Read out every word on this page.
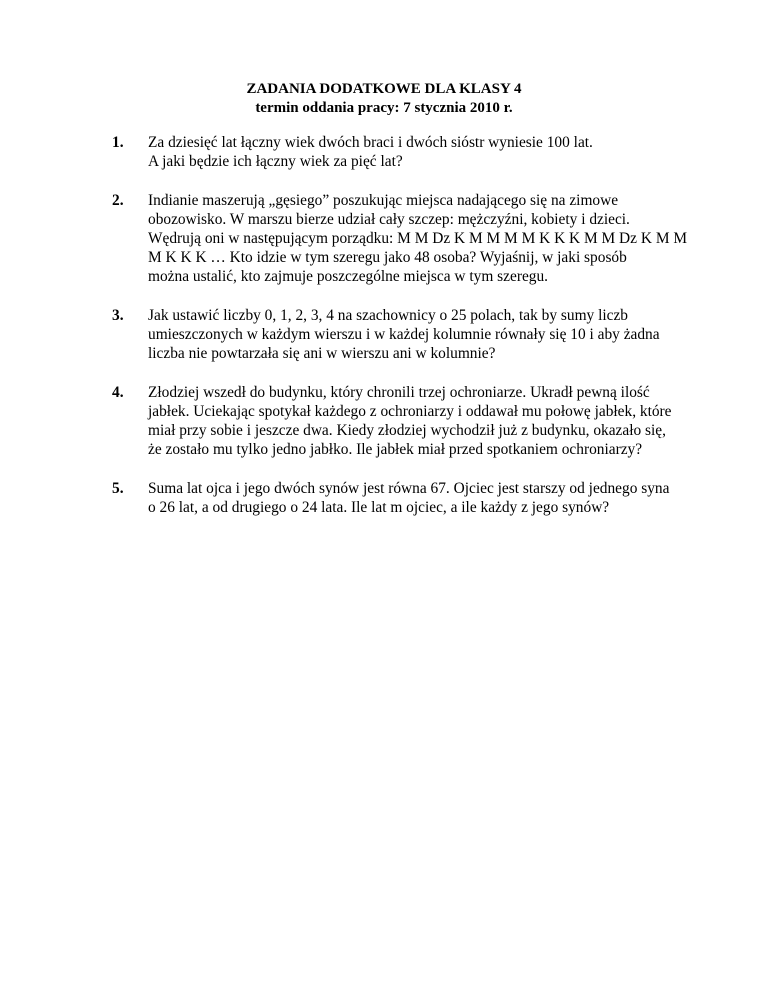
ZADANIA DODATKOWE DLA KLASY 4
termin oddania pracy: 7 stycznia 2010 r.
1. Za dziesięć lat łączny wiek dwóch braci i dwóch sióstr wyniesie 100 lat.
A jaki będzie ich łączny wiek za pięć lat?
2. Indianie maszerują „gęsiego” poszukując miejsca nadającego się na zimowe
obozowisko. W marszu bierze udział cały szczep: mężczyźni, kobiety i dzieci.
Wędrują oni w następującym porządku: M M Dz K M M M M K K K M M Dz K M M
M K K K … Kto idzie w tym szeregu jako 48 osoba? Wyjaśnij, w jaki sposób
można ustalić, kto zajmuje poszczególne miejsca w tym szeregu.
3. Jak ustawić liczby 0, 1, 2, 3, 4 na szachownicy o 25 polach, tak by sumy liczb
umieszczonych w każdym wierszu i w każdej kolumnie równały się 10 i aby żadna
liczba nie powtarzała się ani w wierszu ani w kolumnie?
4. Złodziej wszedł do budynku, który chronili trzej ochroniarze. Ukradł pewną ilość
jabłek. Uciekając spotykał każdego z ochroniarzy i oddawał mu połowę jabłek, które
miał przy sobie i jeszcze dwa. Kiedy złodziej wychodził już z budynku, okazało się,
że zostało mu tylko jedno jabłko. Ile jabłek miał przed spotkaniem ochroniarzy?
5. Suma lat ojca i jego dwóch synów jest równa 67. Ojciec jest starszy od jednego syna
o 26 lat, a od drugiego o 24 lata. Ile lat m ojciec, a ile każdy z jego synów?
